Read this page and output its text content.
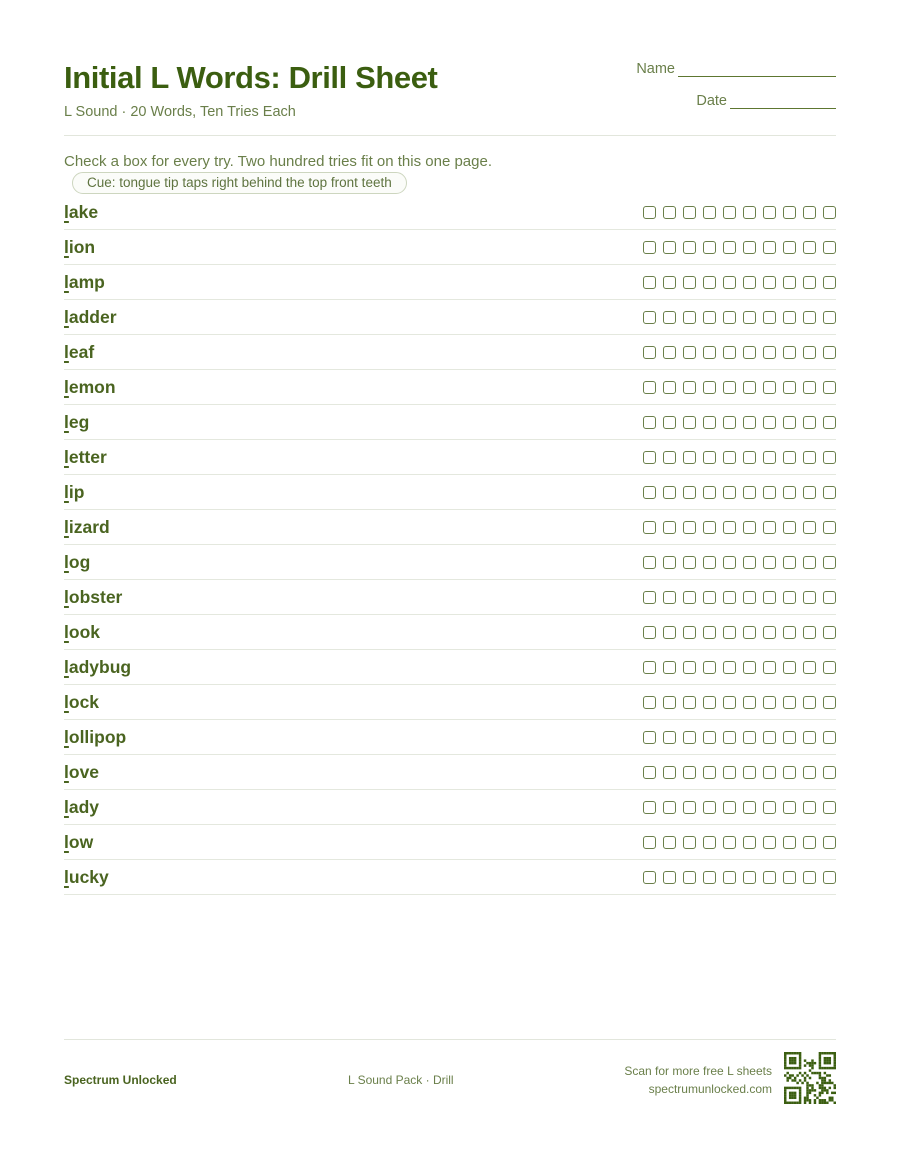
Initial L Words: Drill Sheet
L Sound · 20 Words, Ten Tries Each
Name
Date
Check a box for every try. Two hundred tries fit on this one page. Cue: tongue tip taps right behind the top front teeth
lake
lion
lamp
ladder
leaf
lemon
leg
letter
lip
lizard
log
lobster
look
ladybug
lock
lollipop
love
lady
low
lucky
Spectrum Unlocked	L Sound Pack · Drill
Scan for more free L sheets
spectrumunlocked.com
